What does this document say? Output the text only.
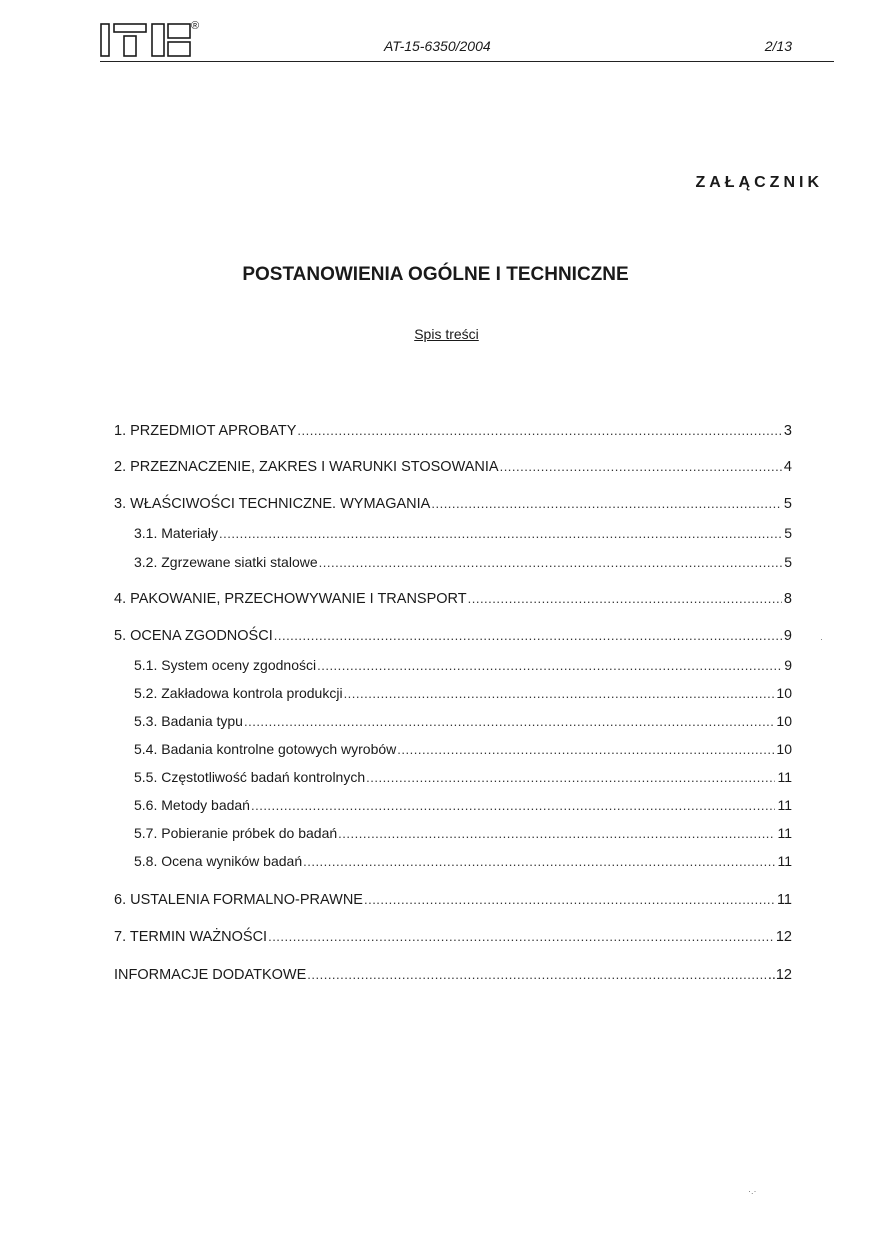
®
AT-15-6350/2004	2/13
ZAŁĄCZNIK
POSTANOWIENIA OGÓLNE I TECHNICZNE
Spis treści
1. PRZEDMIOT APROBATY .....	3
2. PRZEZNACZENIE, ZAKRES I WARUNKI STOSOWANIA .....	4
3. WŁAŚCIWOŚCI TECHNICZNE. WYMAGANIA .....	5
3.1. Materiały .....	5
3.2. Zgrzewane siatki stalowe .....	5
4. PAKOWANIE, PRZECHOWYWANIE I TRANSPORT .....	8
5. OCENA ZGODNOŚCI .....	9
5.1. System oceny zgodności .....	9
5.2. Zakładowa kontrola produkcji .....	10
5.3. Badania typu .....	10
5.4. Badania kontrolne gotowych wyrobów .....	10
5.5. Częstotliwość badań kontrolnych .....	11
5.6. Metody badań .....	11
5.7. Pobieranie próbek do badań .....	11
5.8. Ocena wyników badań .....	11
6. USTALENIA FORMALNO-PRAWNE .....	11
7. TERMIN WAŻNOŚCI .....	12
INFORMACJE DODATKOWE .....	..12
·.·
·
